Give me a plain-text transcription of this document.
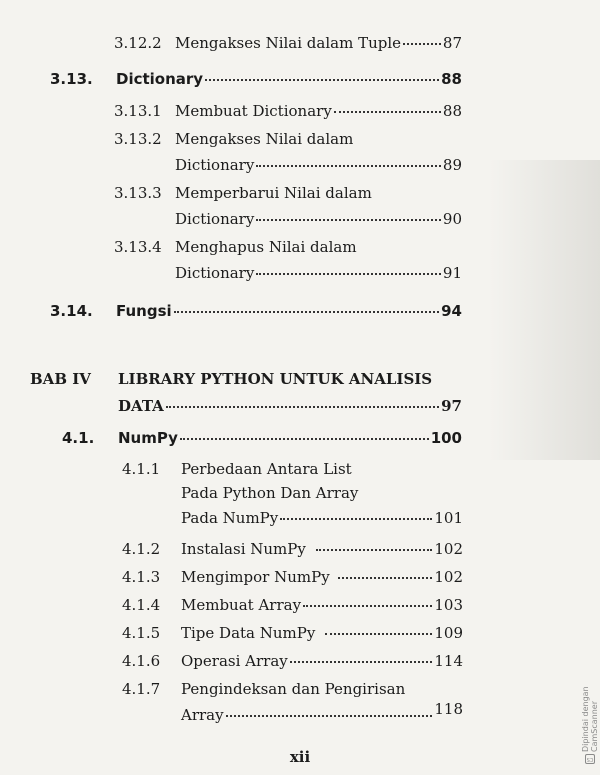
3.12.2 Mengakses Nilai dalam Tuple	87
3.13. Dictionary	88
3.13.1 Membuat Dictionary	88
3.13.2 Mengakses Nilai dalam
Dictionary	89
3.13.3 Memperbarui Nilai dalam
Dictionary	90
3.13.4 Menghapus Nilai dalam
Dictionary	91
3.14. Fungsi	94
BAB IV LIBRARY PYTHON UNTUK ANALISIS
DATA	97
4.1. NumPy	100
4.1.1 Perbedaan Antara List
Pada Python Dan Array
Pada NumPy	101
4.1.2 Instalasi NumPy	102
4.1.3 Mengimpor NumPy	102
4.1.4 Membuat Array	103
4.1.5 Tipe Data NumPy	109
4.1.6 Operasi Array	114
4.1.7 Pengindeksan dan Pengirisan
Array	118
xii	CS
Dipindai dengan CamScanner
